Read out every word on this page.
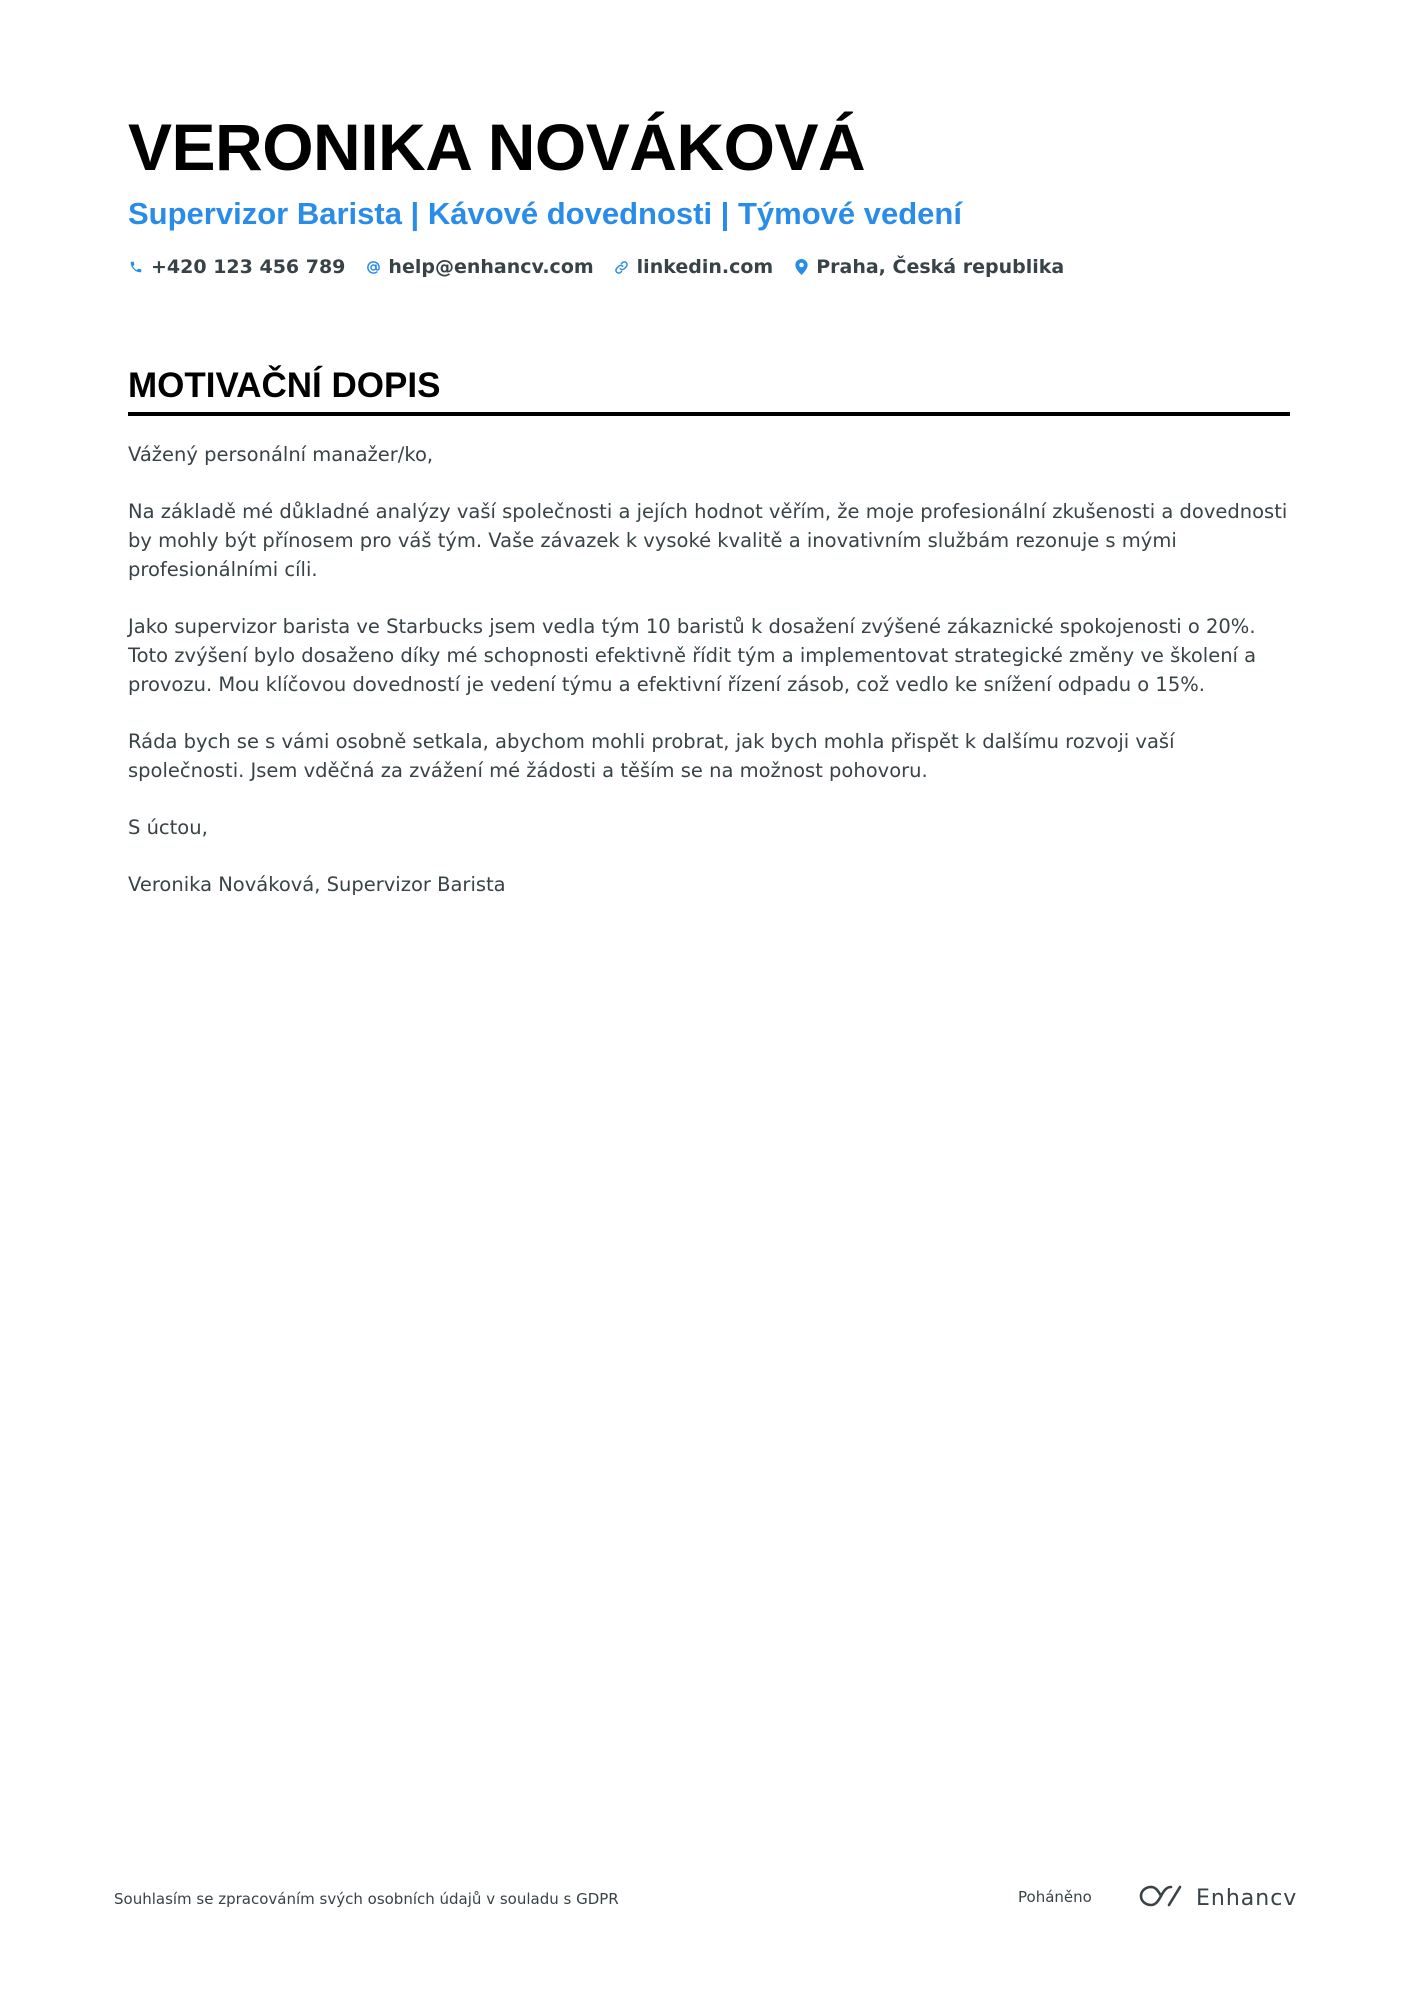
VERONIKA NOVÁKOVÁ
Supervizor Barista | Kávové dovednosti | Týmové vedení
+420 123 456 789 help@enhancv.com linkedin.com Praha, Česká republika
MOTIVAČNÍ DOPIS

Vážený personální manažer/ko,

Na základě mé důkladné analýzy vaší společnosti a jejích hodnot věřím, že moje profesionální zkušenosti a dovednosti by mohly být přínosem pro váš tým. Vaše závazek k vysoké kvalitě a inovativním službám rezonuje s mými profesionálními cíli.

Jako supervizor barista ve Starbucks jsem vedla tým 10 baristů k dosažení zvýšené zákaznické spokojenosti o 20%. Toto zvýšení bylo dosaženo díky mé schopnosti efektivně řídit tým a implementovat strategické změny ve školení a provozu. Mou klíčovou dovedností je vedení týmu a efektivní řízení zásob, což vedlo ke snížení odpadu o 15%.

Ráda bych se s vámi osobně setkala, abychom mohli probrat, jak bych mohla přispět k dalšímu rozvoji vaší společnosti. Jsem vděčná za zvážení mé žádosti a těším se na možnost pohovoru.

S úctou,

Veronika Nováková, Supervizor Barista

Souhlasím se zpracováním svých osobních údajů v souladu s GDPR	Poháněno	Enhancv
